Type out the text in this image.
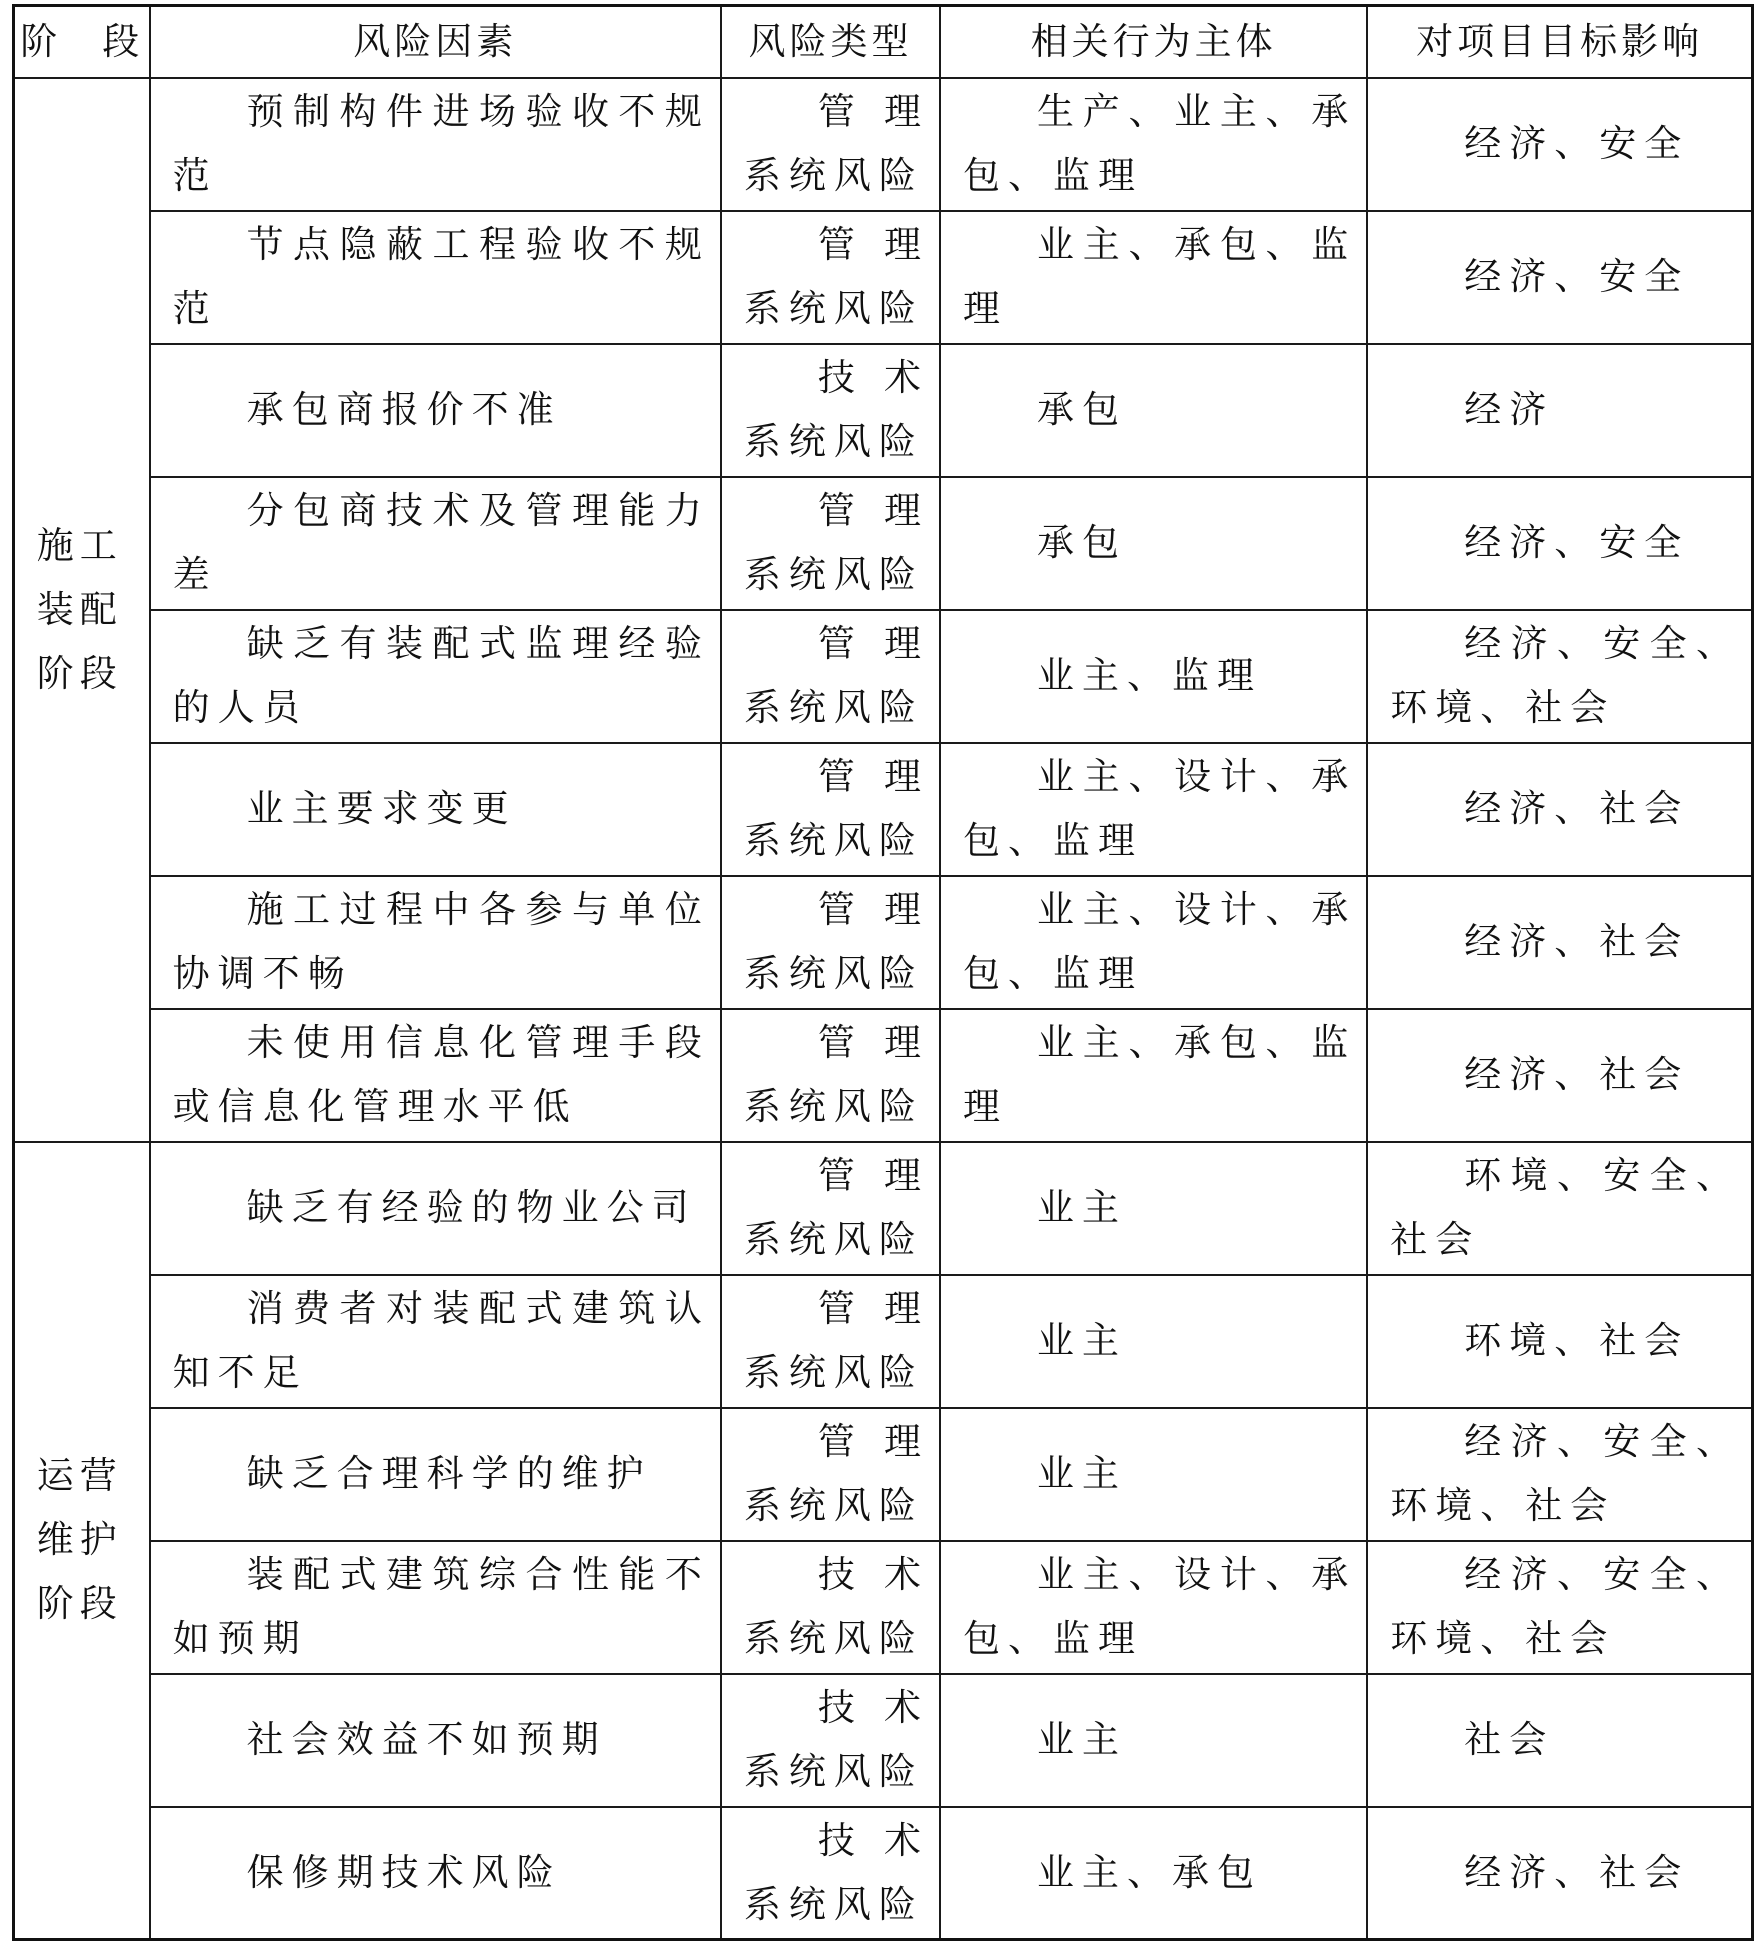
阶　段	风险因素	风险类型	相关行为主体	对项目目标影响
施工装配阶段	预制构件进场验收不规范	管理系统风险	生产、业主、承包、监理	经济、安全
	节点隐蔽工程验收不规范	管理系统风险	业主、承包、监理	经济、安全
	承包商报价不准	技术系统风险	承包	经济
	分包商技术及管理能力差	管理系统风险	承包	经济、安全
	缺乏有装配式监理经验的人员	管理系统风险	业主、监理	经济、安全、环境、社会
	业主要求变更	管理系统风险	业主、设计、承包、监理	经济、社会
	施工过程中各参与单位协调不畅	管理系统风险	业主、设计、承包、监理	经济、社会
	未使用信息化管理手段或信息化管理水平低	管理系统风险	业主、承包、监理	经济、社会
运营维护阶段	缺乏有经验的物业公司	管理系统风险	业主	环境、安全、社会
	消费者对装配式建筑认知不足	管理系统风险	业主	环境、社会
	缺乏合理科学的维护	管理系统风险	业主	经济、安全、环境、社会
	装配式建筑综合性能不如预期	技术系统风险	业主、设计、承包、监理	经济、安全、环境、社会
	社会效益不如预期	技术系统风险	业主	社会
	保修期技术风险	技术系统风险	业主、承包	经济、社会
